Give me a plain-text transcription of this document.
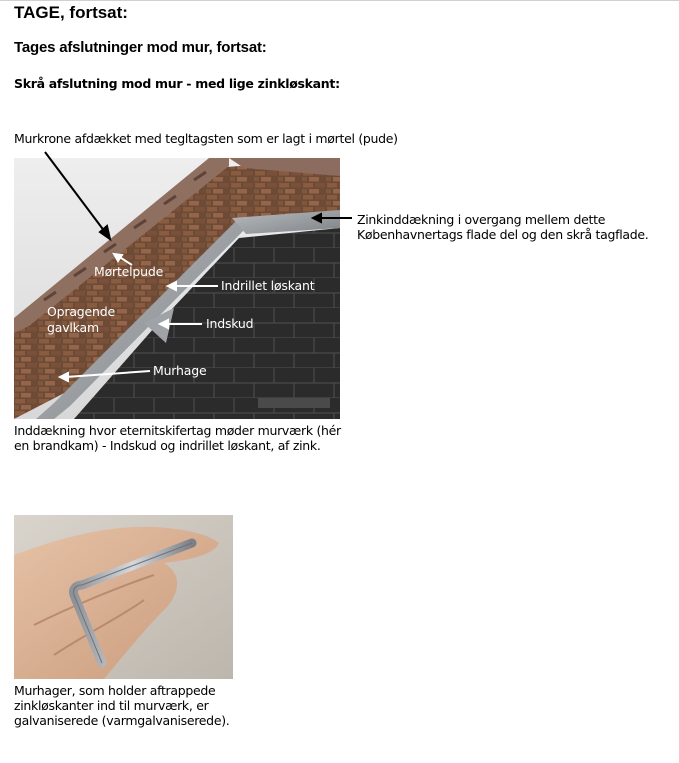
TAGE, fortsat:
Tages afslutninger mod mur, fortsat:
Skrå afslutning mod mur - med lige zinkløskant:
Murkrone afdækket med tegltagsten som er lagt i mørtel (pude)
Zinkinddækning i overgang mellem dette Københavnertags flade del og den skrå tagflade.
Mørtelpude
Indrillet løskant
Opragende
gavlkam	Indskud
Murhage
Inddækning hvor eternitskifertag møder murværk (hér en brandkam) - Indskud og indrillet løskant, af zink.
Murhager, som holder aftrappede zinkløskanter ind til murværk, er galvaniserede (varmgalvaniserede).
